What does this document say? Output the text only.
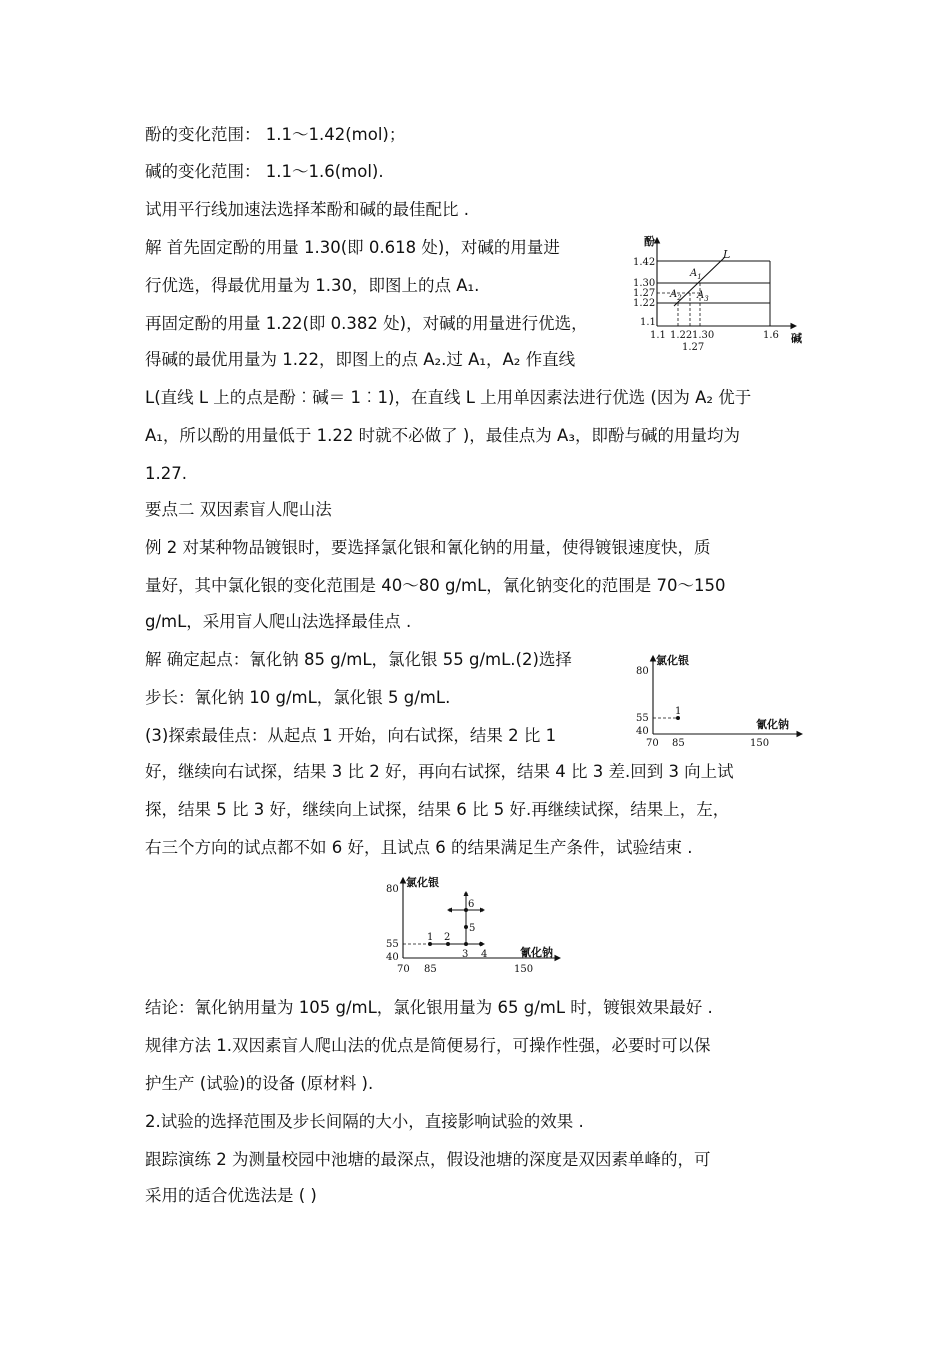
酚的变化范围： 1.1～1.42(mol)；
碱的变化范围： 1.1～1.6(mol).
试用平行线加速法选择苯酚和碱的最佳配比 .
解 首先固定酚的用量 1.30(即 0.618 处)，对碱的用量进
行优选，得最优用量为 1.30，即图上的点 A₁.
再固定酚的用量 1.22(即 0.382 处)，对碱的用量进行优选，
得碱的最优用量为 1.22，即图上的点 A₂.过 A₁，A₂ 作直线
L(直线 L 上的点是酚︰碱＝ 1︰1)，在直线 L 上用单因素法进行优选 (因为 A₂ 优于
A₁，所以酚的用量低于 1.22 时就不必做了 )，最佳点为 A₃，即酚与碱的用量均为
1.27.
要点二 双因素盲人爬山法
例 2 对某种物品镀银时，要选择氯化银和氰化钠的用量，使得镀银速度快，质
量好，其中氯化银的变化范围是 40～80 g/mL，氰化钠变化的范围是 70～150
g/mL，采用盲人爬山法选择最佳点 .
解 确定起点：氰化钠 85 g/mL，氯化银 55 g/mL.(2)选择
步长：氰化钠 10 g/mL，氯化银 5 g/mL.
(3)探索最佳点：从起点 1 开始，向右试探，结果 2 比 1
好，继续向右试探，结果 3 比 2 好，再向右试探，结果 4 比 3 差.回到 3 向上试
探，结果 5 比 3 好，继续向上试探，结果 6 比 5 好.再继续试探，结果上，左，
右三个方向的试点都不如 6 好，且试点 6 的结果满足生产条件，试验结束 .
结论：氰化钠用量为 105 g/mL，氯化银用量为 65 g/mL 时，镀银效果最好 .
规律方法 1.双因素盲人爬山法的优点是简便易行，可操作性强，必要时可以保
护生产 (试验)的设备 (原材料 ).
2.试验的选择范围及步长间隔的大小，直接影响试验的效果 .
跟踪演练 2 为测量校园中池塘的最深点，假设池塘的深度是双因素单峰的，可
采用的适合优选法是 ( )
酚
碱
L
1.42
1.30
1.27
1.22
1.1
1.1 1.22 1.30	1.6
1.27
$A_1$
$A_2$ $A_3$
氯化银
氰化钠
80
55
40
70 85	150
1
氯化银
氰化钠
80
55
40
70 85	150
1 2
3 4
5
6
